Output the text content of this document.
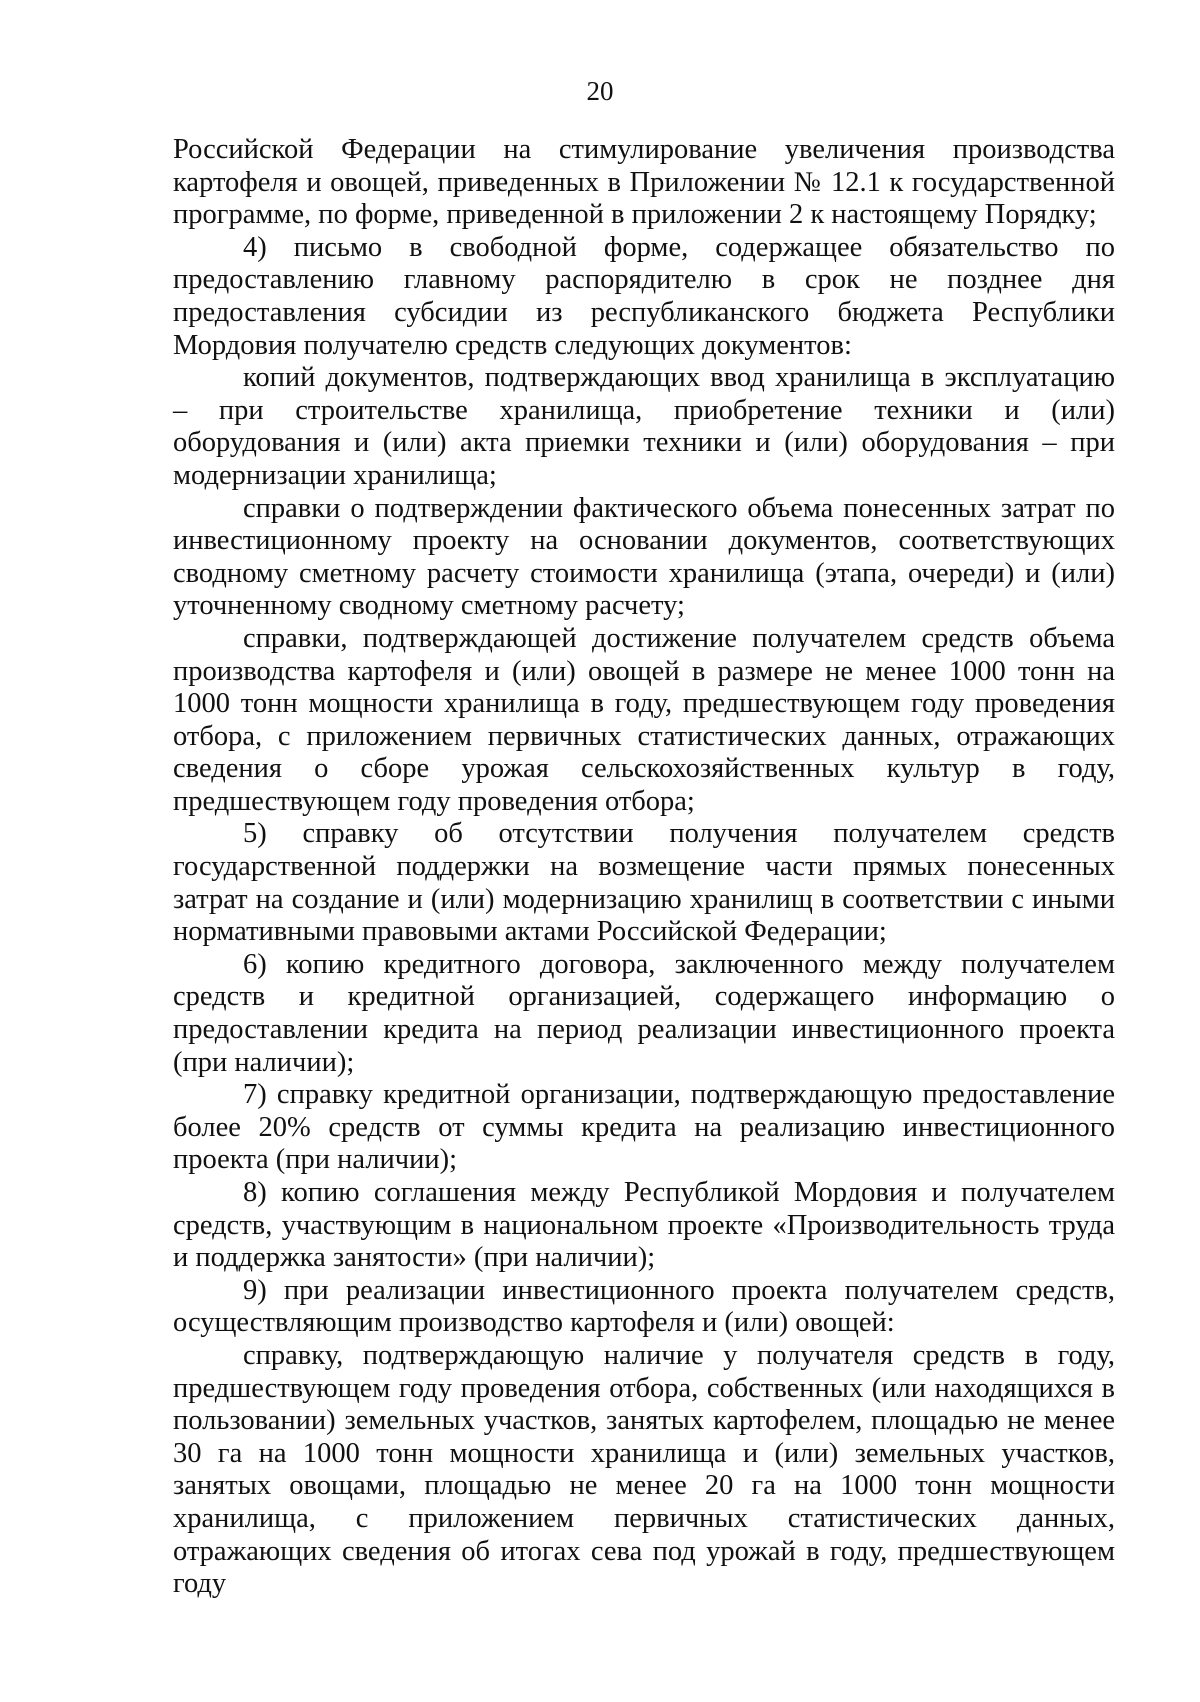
20

Российской Федерации на стимулирование увеличения производства картофеля и овощей, приведенных в Приложении № 12.1 к государственной программе, по форме, приведенной в приложении 2 к настоящему Порядку;

4) письмо в свободной форме, содержащее обязательство по предоставлению главному распорядителю в срок не позднее дня предоставления субсидии из республиканского бюджета Республики Мордовия получателю средств следующих документов:

копий документов, подтверждающих ввод хранилища в эксплуатацию – при строительстве хранилища, приобретение техники и (или) оборудования и (или) акта приемки техники и (или) оборудования – при модернизации хранилища;

справки о подтверждении фактического объема понесенных затрат по инвестиционному проекту на основании документов, соответствующих сводному сметному расчету стоимости хранилища (этапа, очереди) и (или) уточненному сводному сметному расчету;

справки, подтверждающей достижение получателем средств объема производства картофеля и (или) овощей в размере не менее 1000 тонн на 1000 тонн мощности хранилища в году, предшествующем году проведения отбора, с приложением первичных статистических данных, отражающих сведения о сборе урожая сельскохозяйственных культур в году, предшествующем году проведения отбора;

5) справку об отсутствии получения получателем средств государственной поддержки на возмещение части прямых понесенных затрат на создание и (или) модернизацию хранилищ в соответствии с иными нормативными правовыми актами Российской Федерации;

6) копию кредитного договора, заключенного между получателем средств и кредитной организацией, содержащего информацию о предоставлении кредита на период реализации инвестиционного проекта (при наличии);

7) справку кредитной организации, подтверждающую предоставление более 20% средств от суммы кредита на реализацию инвестиционного проекта (при наличии);

8) копию соглашения между Республикой Мордовия и получателем средств, участвующим в национальном проекте «Производительность труда и поддержка занятости» (при наличии);

9) при реализации инвестиционного проекта получателем средств, осуществляющим производство картофеля и (или) овощей:

справку, подтверждающую наличие у получателя средств в году, предшествующем году проведения отбора, собственных (или находящихся в пользовании) земельных участков, занятых картофелем, площадью не менее 30 га на 1000 тонн мощности хранилища и (или) земельных участков, занятых овощами, площадью не менее 20 га на 1000 тонн мощности хранилища, с приложением первичных статистических данных, отражающих сведения об итогах сева под урожай в году, предшествующем году
